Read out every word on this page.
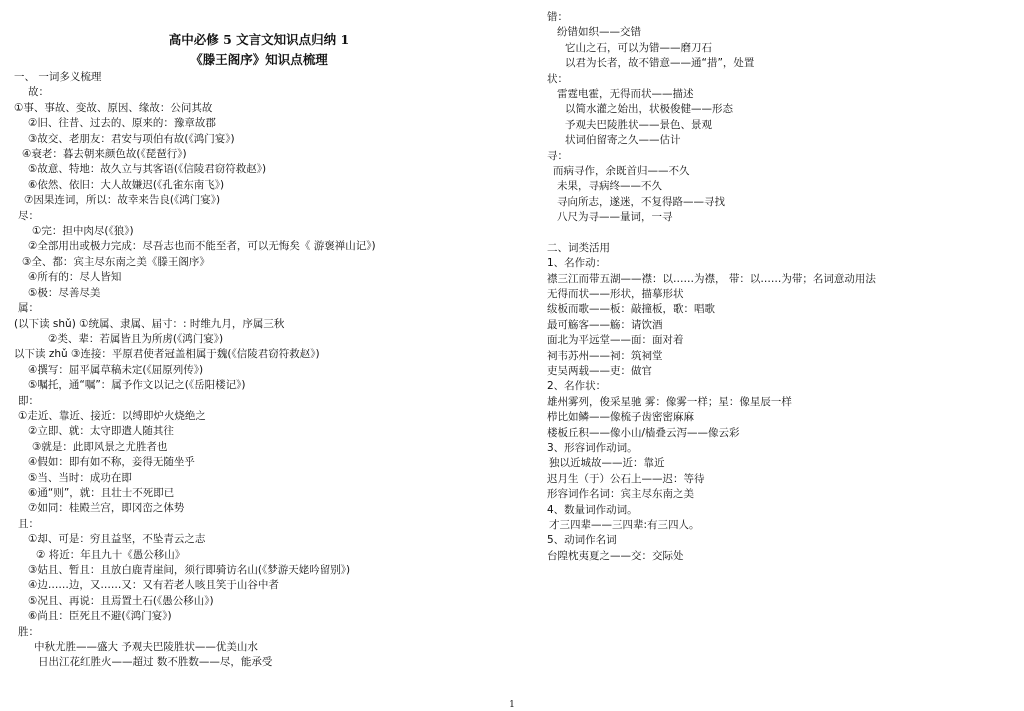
高中必修 5 文言文知识点归纳 1
《滕王阁序》知识点梳理
一、 一词多义梳理
故：
①事、事故、变故、原因、缘故：公问其故
②旧、往昔、过去的、原来的：豫章故郡
③故交、老朋友：君安与项伯有故(《鸿门宴》)
④衰老：暮去朝来颜色故(《琵琶行》)
⑤故意、特地：故久立与其客语(《信陵君窃符救赵》)
⑥依然、依旧：大人故嫌迟(《孔雀东南飞》)
⑦因果连词，所以：故幸来告良(《鸿门宴》)
尽：
①完：担中肉尽(《狼》)
②全部用出或极力完成：尽吾志也而不能至者，可以无悔矣《 游褒禅山记》)
③全、都：宾主尽东南之美《滕王阁序》
④所有的：尽人皆知
⑤极：尽善尽美
属：
(以下读 shǔ) ①统属、隶属、届寸：: 时维九月，序属三秋
②类、辈：若属皆且为所虏(《鸿门宴》)
以下读 zhǔ ③连接：平原君使者冠盖相属于魏(《信陵君窃符救赵》)
④撰写：屈平属草稿未定(《屈原列传》)
⑤嘱托，通“嘱”：属予作文以记之(《岳阳楼记》)
即：
①走近、靠近、接近：以缚即炉火烧绝之
②立即、就：太守即遣人随其往
③就是：此即风景之尤胜者也
④假如：即有如不称，妾得无随坐乎
⑤当、当时：成功在即
⑥通“则”，就：且壮士不死即已
⑦如同：桂殿兰宫，即冈峦之体势
且：
①却、可是：穷且益坚，不坠青云之志
② 将近：年且九十《愚公移山》
③姑且、暂且：且放白鹿青崖间，须行即骑访名山(《梦游天姥吟留别》)
④边……边，又……又：又有若老人咳且笑于山谷中者
⑤况且、再说：且焉置土石(《愚公移山》)
⑥尚且：臣死且不避(《鸿门宴》)
胜：
中秋尤胜——盛大 予观夫巴陵胜状——优美山水
日出江花红胜火——超过 数不胜数——尽，能承受
错：
纷错如织——交错
它山之石，可以为错——磨刀石
以君为长者，故不错意——通“措”，处置
状：
雷霆电霍，无得而状——描述
以简水灌之始出，状极俊健——形态
予观夫巴陵胜状——景色、景观
状词伯留寄之久——估计
寻：
而病寻作，余既首归——不久
未果，寻病终——不久
寻向所志，遂迷，不复得路——寻找
八尺为寻——量词，一寻
二、词类活用
1、名作动：
襟三江而带五湖——襟：以……为襟， 带：以……为带；名词意动用法
无得而状——形状，描摹形状
绂板而歌——板：敲撞板，歌：唱歌
最可觞客——觞：请饮酒
面北为平远堂——面：面对着
祠韦苏州——祠：筑祠堂
吏吴两载——吏：做官
2、名作状：
雄州雾列，俊采星驰 雾：像雾一样；星：像星辰一样
栉比如鳞——像梳子齿密密麻麻
楼板丘积——像小山/樯叠云泻——像云彩
3、形容词作动词。
独以近城故——近：靠近
迟月生（于）公石上——迟：等待
形容词作名词：宾主尽东南之美
4、数量词作动词。
才三四辈——三四辈:有三四人。
5、动词作名词
台隍枕夷夏之——交：交际处
1
